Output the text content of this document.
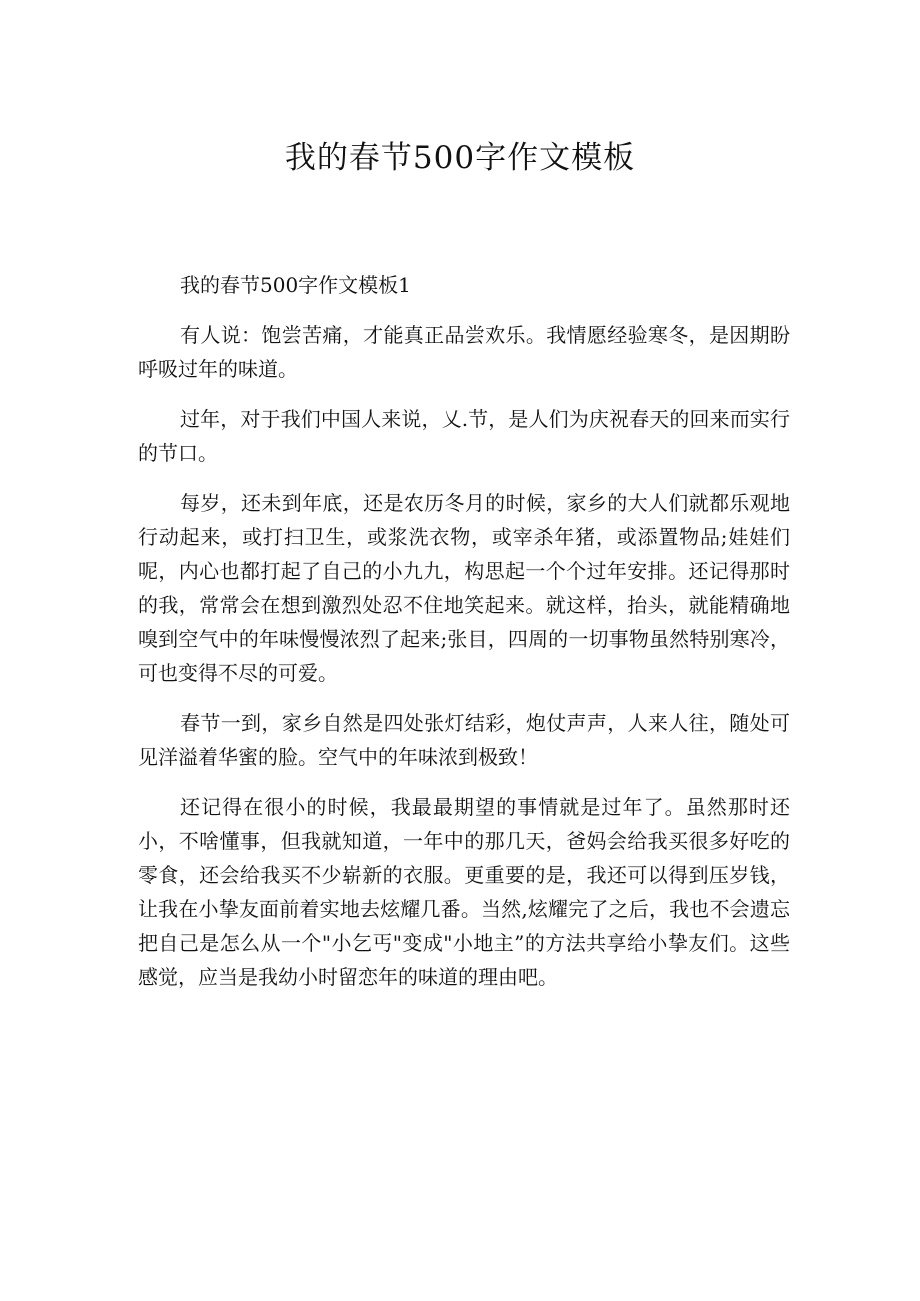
我的春节500字作文模板

我的春节500字作文模板1

有人说：饱尝苦痛，才能真正品尝欢乐。我情愿经验寒冬，是因期盼呼吸过年的味道。

过年，对于我们中国人来说，乂.节，是人们为庆祝春天的回来而实行的节口。

每岁，还未到年底，还是农历冬月的时候，家乡的大人们就都乐观地行动起来，或打扫卫生，或浆洗衣物，或宰杀年猪，或添置物品;娃娃们呢，内心也都打起了自己的小九九，构思起一个个过年安排。还记得那时的我，常常会在想到激烈处忍不住地笑起来。就这样，抬头，就能精确地嗅到空气中的年味慢慢浓烈了起来;张目，四周的一切事物虽然特别寒冷，可也变得不尽的可爱。

春节一到，家乡自然是四处张灯结彩，炮仗声声，人来人往，随处可见洋溢着华蜜的脸。空气中的年味浓到极致！

还记得在很小的时候，我最最期望的事情就是过年了。虽然那时还小，不啥懂事，但我就知道，一年中的那几天，爸妈会给我买很多好吃的零食，还会给我买不少崭新的衣服。更重要的是，我还可以得到压岁钱，让我在小挚友面前着实地去炫耀几番。当然,炫耀完了之后，我也不会遗忘把自己是怎么从一个"小乞丐"变成"小地主”的方法共享给小挚友们。这些感觉，应当是我幼小时留恋年的味道的理由吧。
